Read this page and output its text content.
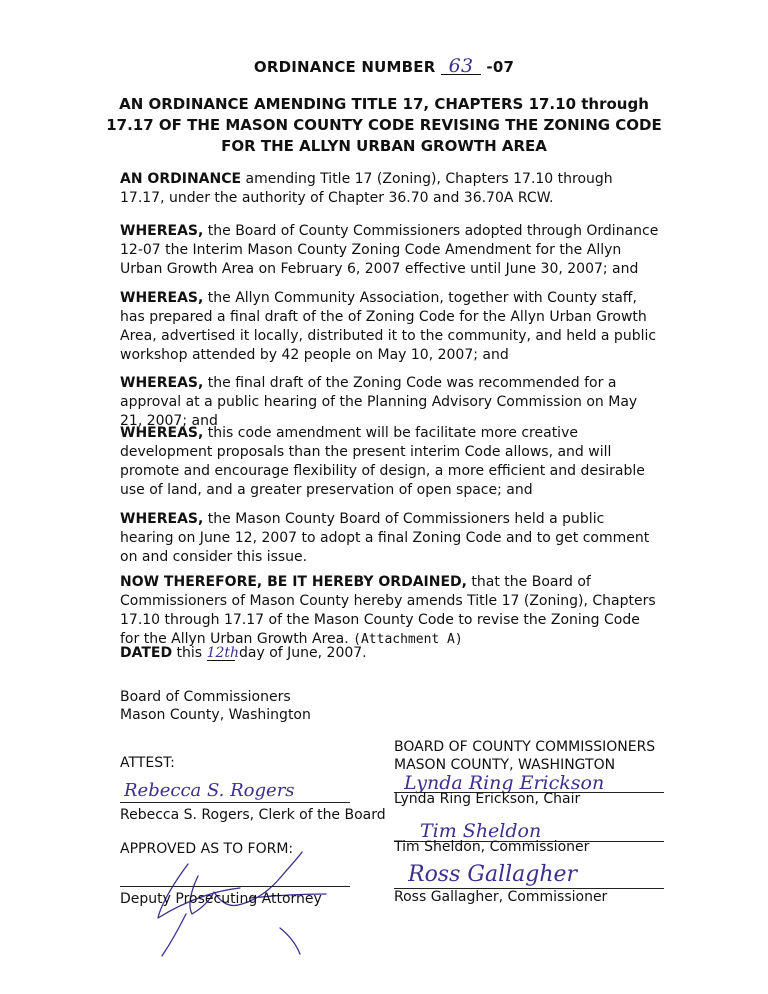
ORDINANCE NUMBER 63 -07
AN ORDINANCE AMENDING TITLE 17, CHAPTERS 17.10 through
17.17 OF THE MASON COUNTY CODE REVISING THE ZONING CODE
FOR THE ALLYN URBAN GROWTH AREA

AN ORDINANCE amending Title 17 (Zoning), Chapters 17.10 through 17.17, under the authority of Chapter 36.70 and 36.70A RCW.

WHEREAS, the Board of County Commissioners adopted through Ordinance 12-07 the Interim Mason County Zoning Code Amendment for the Allyn Urban Growth Area on February 6, 2007 effective until June 30, 2007; and

WHEREAS, the Allyn Community Association, together with County staff, has prepared a final draft of the of Zoning Code for the Allyn Urban Growth Area, advertised it locally, distributed it to the community, and held a public workshop attended by 42 people on May 10, 2007; and

WHEREAS, the final draft of the Zoning Code was recommended for a approval at a public hearing of the Planning Advisory Commission on May 21, 2007; and

WHEREAS, this code amendment will be facilitate more creative development proposals than the present interim Code allows, and will promote and encourage flexibility of design, a more efficient and desirable use of land, and a greater preservation of open space; and

WHEREAS, the Mason County Board of Commissioners held a public hearing on June 12, 2007 to adopt a final Zoning Code and to get comment on and consider this issue.

NOW THEREFORE, BE IT HEREBY ORDAINED, that the Board of Commissioners of Mason County hereby amends Title 17 (Zoning), Chapters 17.10 through 17.17 of the Mason County Code to revise the Zoning Code for the Allyn Urban Growth Area. (Attachment A)

DATED this 12th day of June, 2007.

Board of Commissioners
Mason County, Washington
ATTEST:
Rebecca S. Rogers
Rebecca S. Rogers, Clerk of the Board
APPROVED AS TO FORM:
Deputy Prosecuting Attorney
BOARD OF COUNTY COMMISSIONERS
MASON COUNTY, WASHINGTON
Lynda Ring Erickson
Lynda Ring Erickson, Chair
Tim Sheldon
Tim Sheldon, Commissioner
Ross Gallagher
Ross Gallagher, Commissioner
